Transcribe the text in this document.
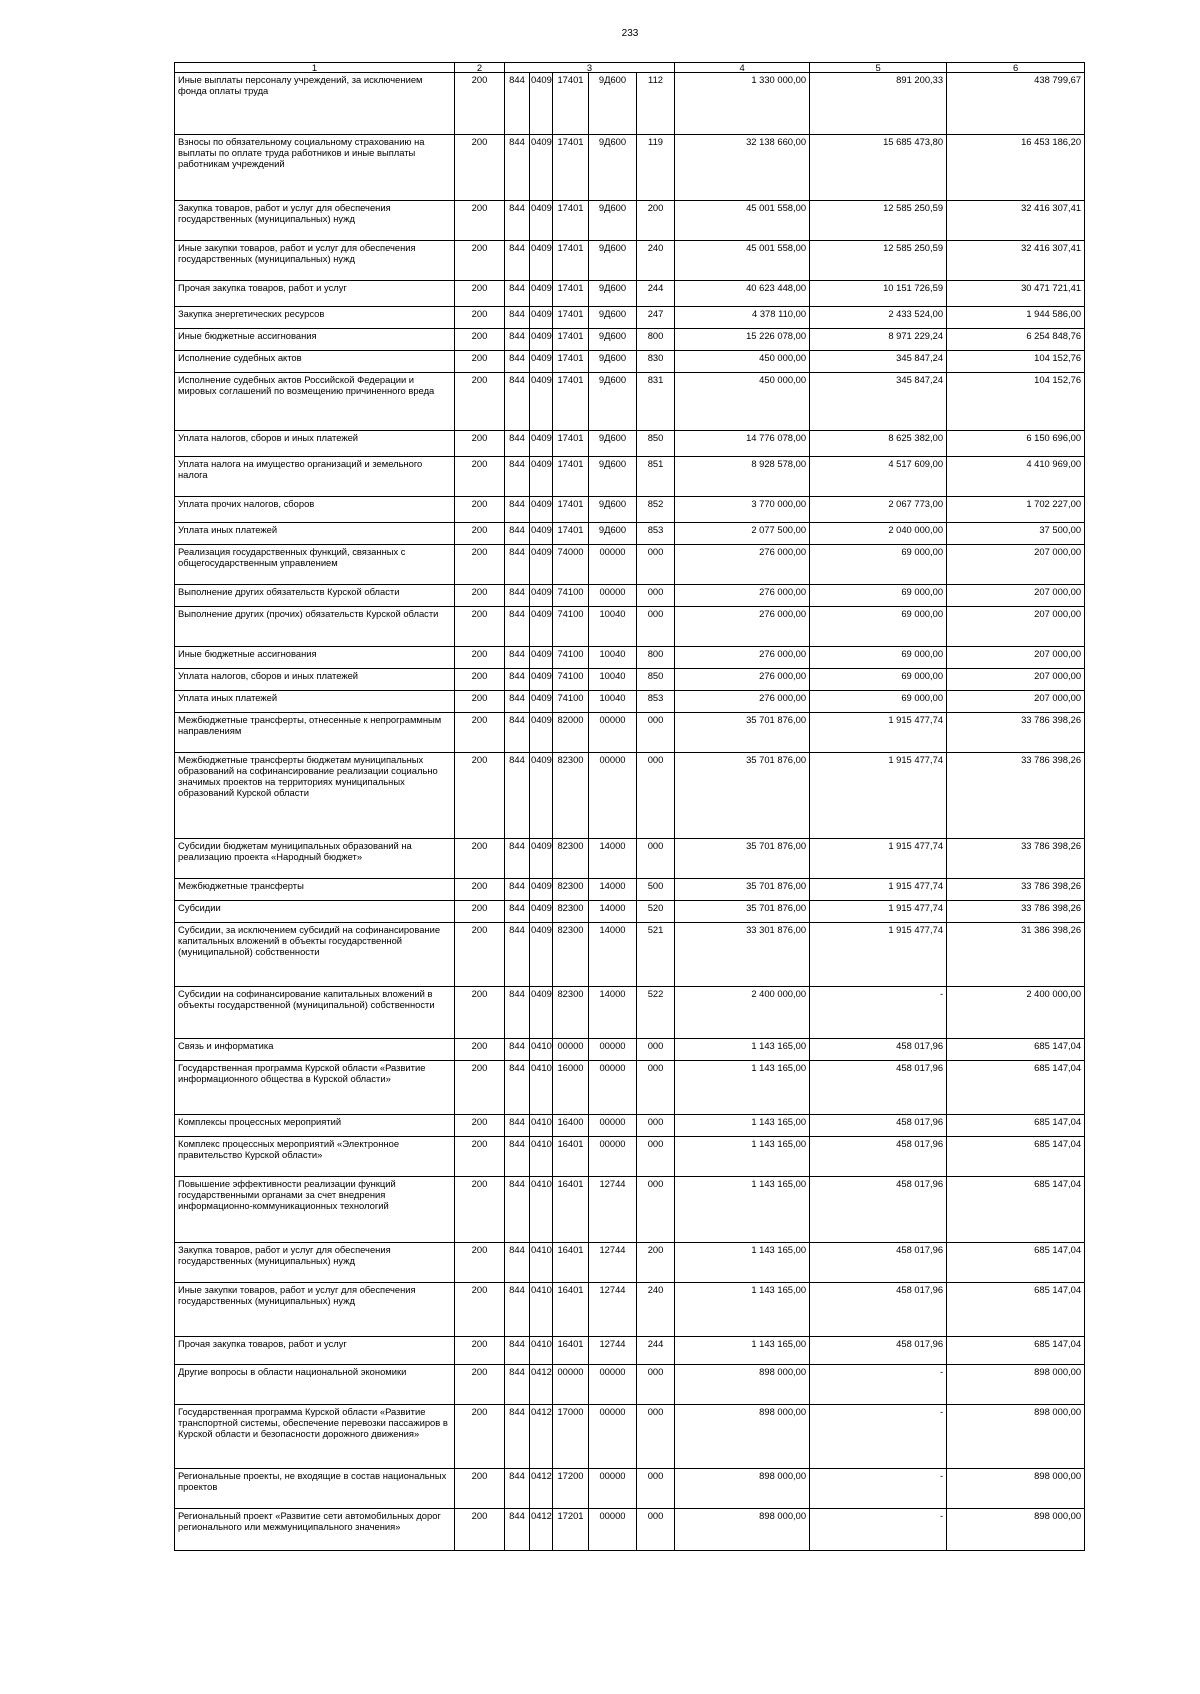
233
1	2	3					4	5	6
Иные выплаты персоналу учреждений, за исключением фонда оплаты труда	200	844	0409	17401	9Д600	112	1 330 000,00	891 200,33	438 799,67
Взносы по обязательному социальному страхованию на выплаты по оплате труда работников и иные выплаты работникам учреждений	200	844	0409	17401	9Д600	119	32 138 660,00	15 685 473,80	16 453 186,20
Закупка товаров, работ и услуг для обеспечения государственных (муниципальных) нужд	200	844	0409	17401	9Д600	200	45 001 558,00	12 585 250,59	32 416 307,41
Иные закупки товаров, работ и услуг для обеспечения государственных (муниципальных) нужд	200	844	0409	17401	9Д600	240	45 001 558,00	12 585 250,59	32 416 307,41
Прочая закупка товаров, работ и услуг	200	844	0409	17401	9Д600	244	40 623 448,00	10 151 726,59	30 471 721,41
Закупка энергетических ресурсов	200	844	0409	17401	9Д600	247	4 378 110,00	2 433 524,00	1 944 586,00
Иные бюджетные ассигнования	200	844	0409	17401	9Д600	800	15 226 078,00	8 971 229,24	6 254 848,76
Исполнение судебных актов	200	844	0409	17401	9Д600	830	450 000,00	345 847,24	104 152,76
Исполнение судебных актов Российской Федерации и мировых соглашений по возмещению причиненного вреда	200	844	0409	17401	9Д600	831	450 000,00	345 847,24	104 152,76
Уплата налогов, сборов и иных платежей	200	844	0409	17401	9Д600	850	14 776 078,00	8 625 382,00	6 150 696,00
Уплата налога на имущество организаций и земельного налога	200	844	0409	17401	9Д600	851	8 928 578,00	4 517 609,00	4 410 969,00
Уплата прочих налогов, сборов	200	844	0409	17401	9Д600	852	3 770 000,00	2 067 773,00	1 702 227,00
Уплата иных платежей	200	844	0409	17401	9Д600	853	2 077 500,00	2 040 000,00	37 500,00
Реализация государственных функций, связанных с общегосударственным управлением	200	844	0409	74000	00000	000	276 000,00	69 000,00	207 000,00
Выполнение других обязательств Курской области	200	844	0409	74100	00000	000	276 000,00	69 000,00	207 000,00
Выполнение других (прочих) обязательств Курской области	200	844	0409	74100	10040	000	276 000,00	69 000,00	207 000,00
Иные бюджетные ассигнования	200	844	0409	74100	10040	800	276 000,00	69 000,00	207 000,00
Уплата налогов, сборов и иных платежей	200	844	0409	74100	10040	850	276 000,00	69 000,00	207 000,00
Уплата иных платежей	200	844	0409	74100	10040	853	276 000,00	69 000,00	207 000,00
Межбюджетные трансферты, отнесенные к непрограммным направлениям	200	844	0409	82000	00000	000	35 701 876,00	1 915 477,74	33 786 398,26
Межбюджетные трансферты бюджетам муниципальных образований на софинансирование реализации социально значимых проектов на территориях муниципальных образований Курской области	200	844	0409	82300	00000	000	35 701 876,00	1 915 477,74	33 786 398,26
Субсидии бюджетам муниципальных образований на реализацию проекта «Народный бюджет»	200	844	0409	82300	14000	000	35 701 876,00	1 915 477,74	33 786 398,26
Межбюджетные трансферты	200	844	0409	82300	14000	500	35 701 876,00	1 915 477,74	33 786 398,26
Субсидии	200	844	0409	82300	14000	520	35 701 876,00	1 915 477,74	33 786 398,26
Субсидии, за исключением субсидий на софинансирование капитальных вложений в объекты государственной (муниципальной) собственности	200	844	0409	82300	14000	521	33 301 876,00	1 915 477,74	31 386 398,26
Субсидии на софинансирование капитальных вложений в объекты государственной (муниципальной) собственности	200	844	0409	82300	14000	522	2 400 000,00	-	2 400 000,00
Связь и информатика	200	844	0410	00000	00000	000	1 143 165,00	458 017,96	685 147,04
Государственная программа Курской области «Развитие информационного общества в Курской области»	200	844	0410	16000	00000	000	1 143 165,00	458 017,96	685 147,04
Комплексы процессных мероприятий	200	844	0410	16400	00000	000	1 143 165,00	458 017,96	685 147,04
Комплекс процессных мероприятий «Электронное правительство Курской области»	200	844	0410	16401	00000	000	1 143 165,00	458 017,96	685 147,04
Повышение эффективности реализации функций государственными органами за счет внедрения информационно-коммуникационных технологий	200	844	0410	16401	12744	000	1 143 165,00	458 017,96	685 147,04
Закупка товаров, работ и услуг для обеспечения государственных (муниципальных) нужд	200	844	0410	16401	12744	200	1 143 165,00	458 017,96	685 147,04
Иные закупки товаров, работ и услуг для обеспечения государственных (муниципальных) нужд	200	844	0410	16401	12744	240	1 143 165,00	458 017,96	685 147,04
Прочая закупка товаров, работ и услуг	200	844	0410	16401	12744	244	1 143 165,00	458 017,96	685 147,04
Другие вопросы в области национальной экономики	200	844	0412	00000	00000	000	898 000,00	-	898 000,00
Государственная программа Курской области «Развитие транспортной системы, обеспечение перевозки пассажиров в Курской области и безопасности дорожного движения»	200	844	0412	17000	00000	000	898 000,00	-	898 000,00
Региональные проекты, не входящие в состав национальных проектов	200	844	0412	17200	00000	000	898 000,00	-	898 000,00
Региональный проект «Развитие сети автомобильных дорог регионального или межмуниципального значения»	200	844	0412	17201	00000	000	898 000,00	-	898 000,00
